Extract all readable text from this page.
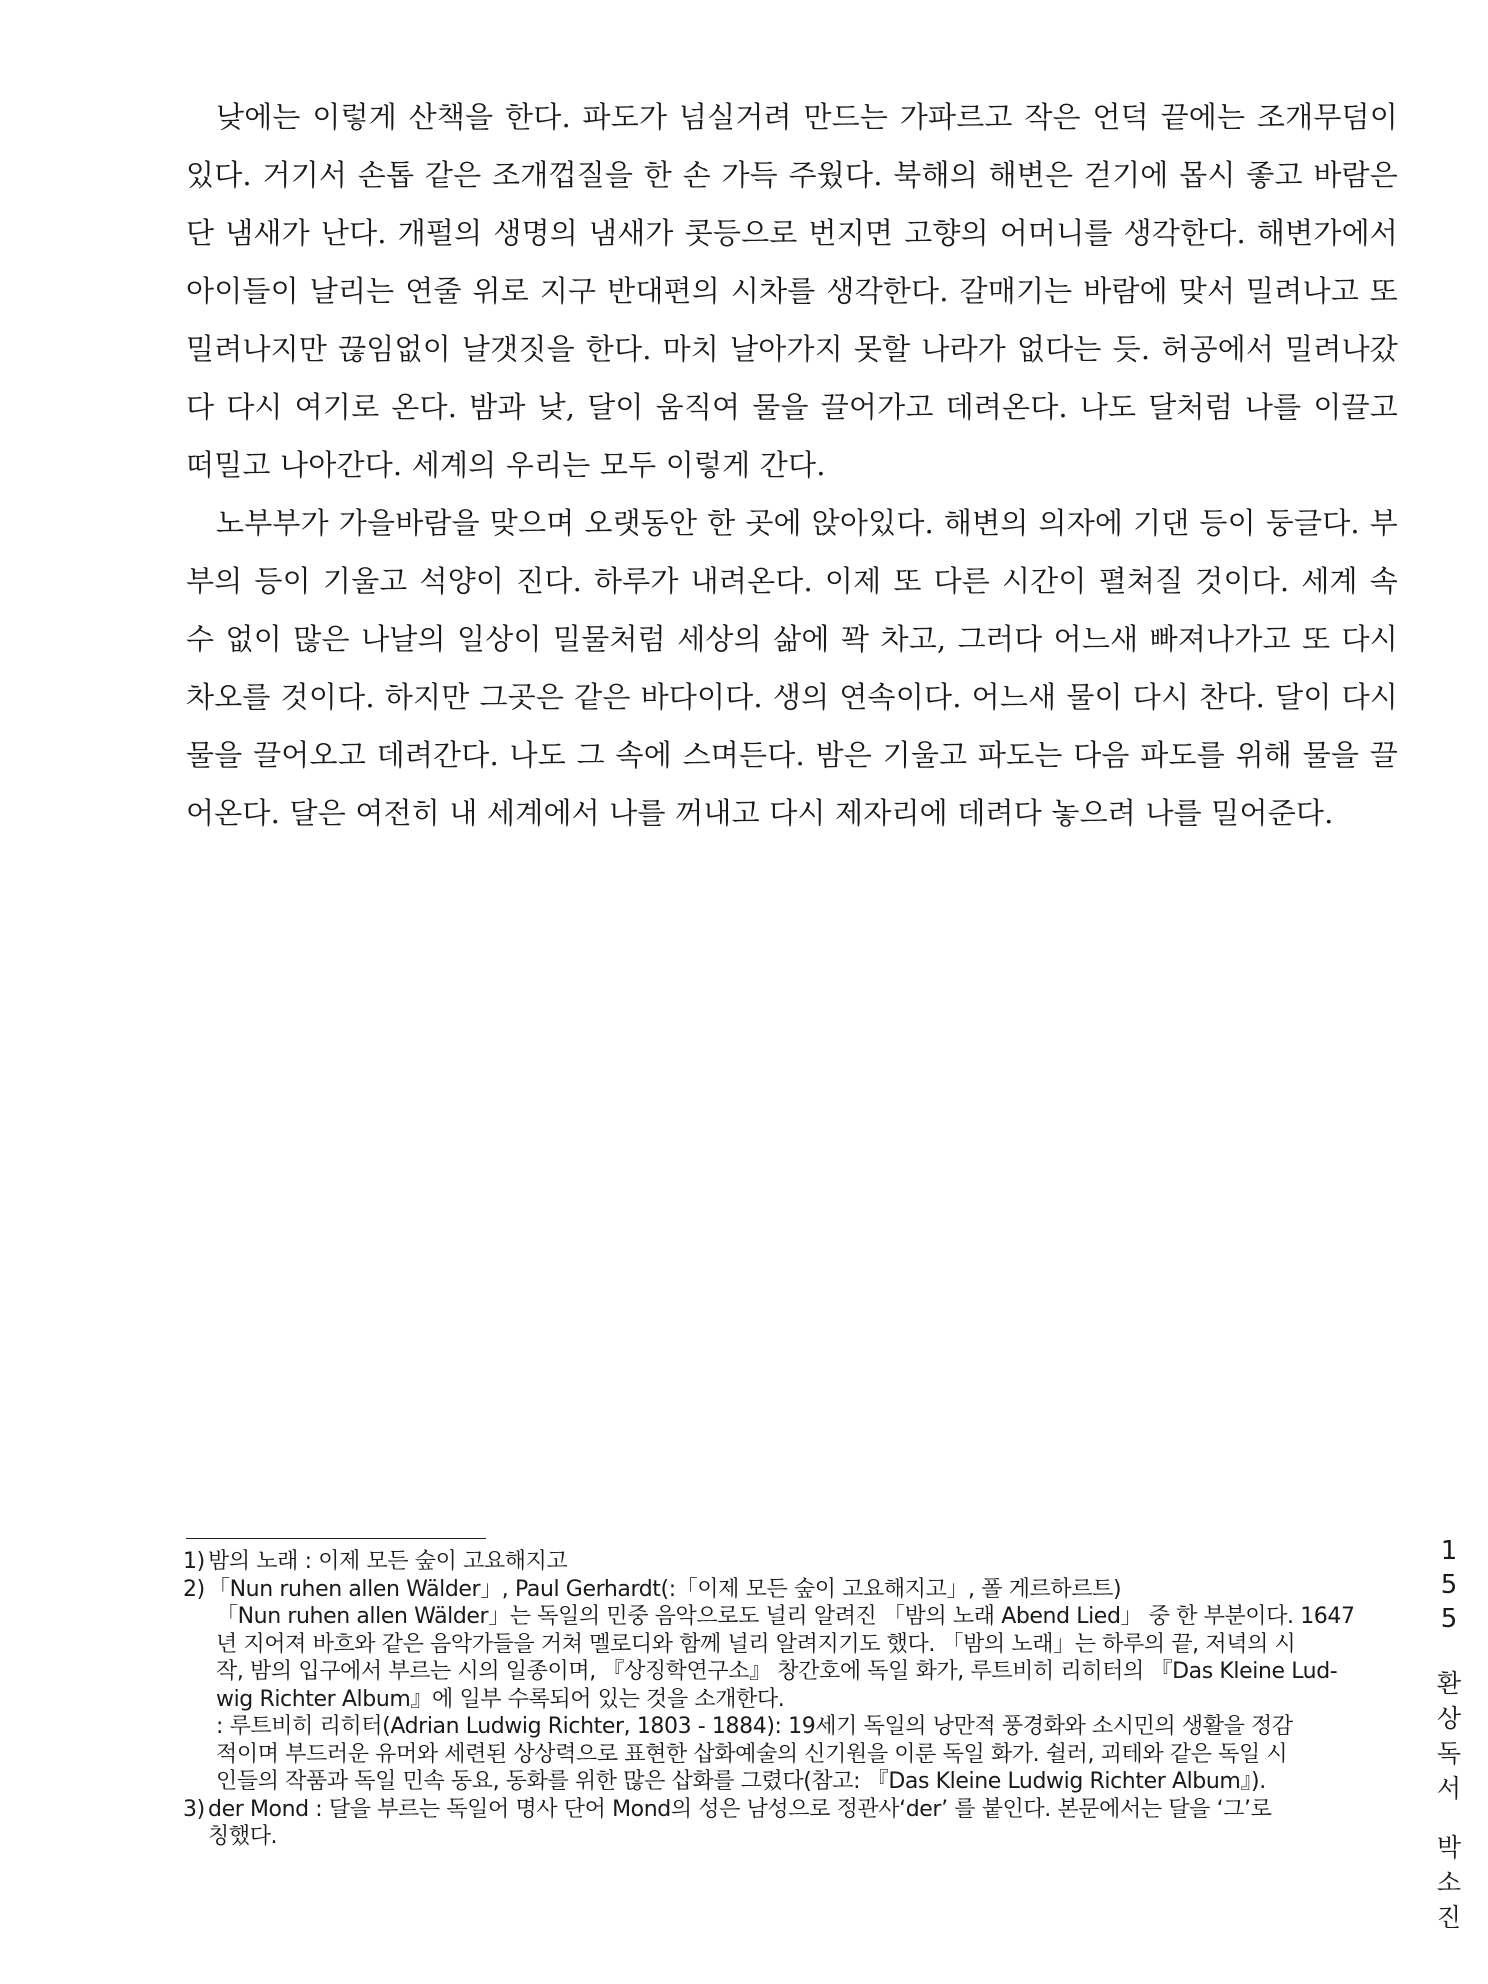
낮에는 이렇게 산책을 한다. 파도가 넘실거려 만드는 가파르고 작은 언덕 끝에는 조개무덤이 있다. 거기서 손톱 같은 조개껍질을 한 손 가득 주웠다. 북해의 해변은 걷기에 몹시 좋고 바람은 단 냄새가 난다. 개펄의 생명의 냄새가 콧등으로 번지면 고향의 어머니를 생각한다. 해변가에서 아이들이 날리는 연줄 위로 지구 반대편의 시차를 생각한다. 갈매기는 바람에 맞서 밀려나고 또 밀려나지만 끊임없이 날갯짓을 한다. 마치 날아가지 못할 나라가 없다는 듯. 허공에서 밀려나갔다 다시 여기로 온다. 밤과 낮, 달이 움직여 물을 끌어가고 데려온다. 나도 달처럼 나를 이끌고 떠밀고 나아간다. 세계의 우리는 모두 이렇게 간다.

노부부가 가을바람을 맞으며 오랫동안 한 곳에 앉아있다. 해변의 의자에 기댄 등이 둥글다. 부부의 등이 기울고 석양이 진다. 하루가 내려온다. 이제 또 다른 시간이 펼쳐질 것이다. 세계 속 수 없이 많은 나날의 일상이 밀물처럼 세상의 삶에 꽉 차고, 그러다 어느새 빠져나가고 또 다시 차오를 것이다. 하지만 그곳은 같은 바다이다. 생의 연속이다. 어느새 물이 다시 찬다. 달이 다시 물을 끌어오고 데려간다. 나도 그 속에 스며든다. 밤은 기울고 파도는 다음 파도를 위해 물을 끌어온다. 달은 여전히 내 세계에서 나를 꺼내고 다시 제자리에 데려다 놓으려 나를 밀어준다.

1) 밤의 노래 : 이제 모든 숲이 고요해지고
2) 「Nun ruhen allen Wälder」, Paul Gerhardt(:「이제 모든 숲이 고요해지고」, 폴 게르하르트)
「Nun ruhen allen Wälder」는 독일의 민중 음악으로도 널리 알려진 「밤의 노래 Abend Lied」 중 한 부분이다. 1647
년 지어져 바흐와 같은 음악가들을 거쳐 멜로디와 함께 널리 알려지기도 했다. 「밤의 노래」는 하루의 끝, 저녁의 시
작, 밤의 입구에서 부르는 시의 일종이며, 『상징학연구소』 창간호에 독일 화가, 루트비히 리히터의 『Das Kleine Lud-
wig Richter Album』에 일부 수록되어 있는 것을 소개한다.
: 루트비히 리히터(Adrian Ludwig Richter, 1803 - 1884): 19세기 독일의 낭만적 풍경화와 소시민의 생활을 정감
적이며 부드러운 유머와 세련된 상상력으로 표현한 삽화예술의 신기원을 이룬 독일 화가. 쉴러, 괴테와 같은 독일 시
인들의 작품과 독일 민속 동요, 동화를 위한 많은 삽화를 그렸다(참고: 『Das Kleine Ludwig Richter Album』).
3) der Mond : 달을 부르는 독일어 명사 단어 Mond의 성은 남성으로 정관사‘der’ 를 붙인다. 본문에서는 달을 ‘그’로
칭했다.
1
5
5
환
상
독
서
박
소
진
